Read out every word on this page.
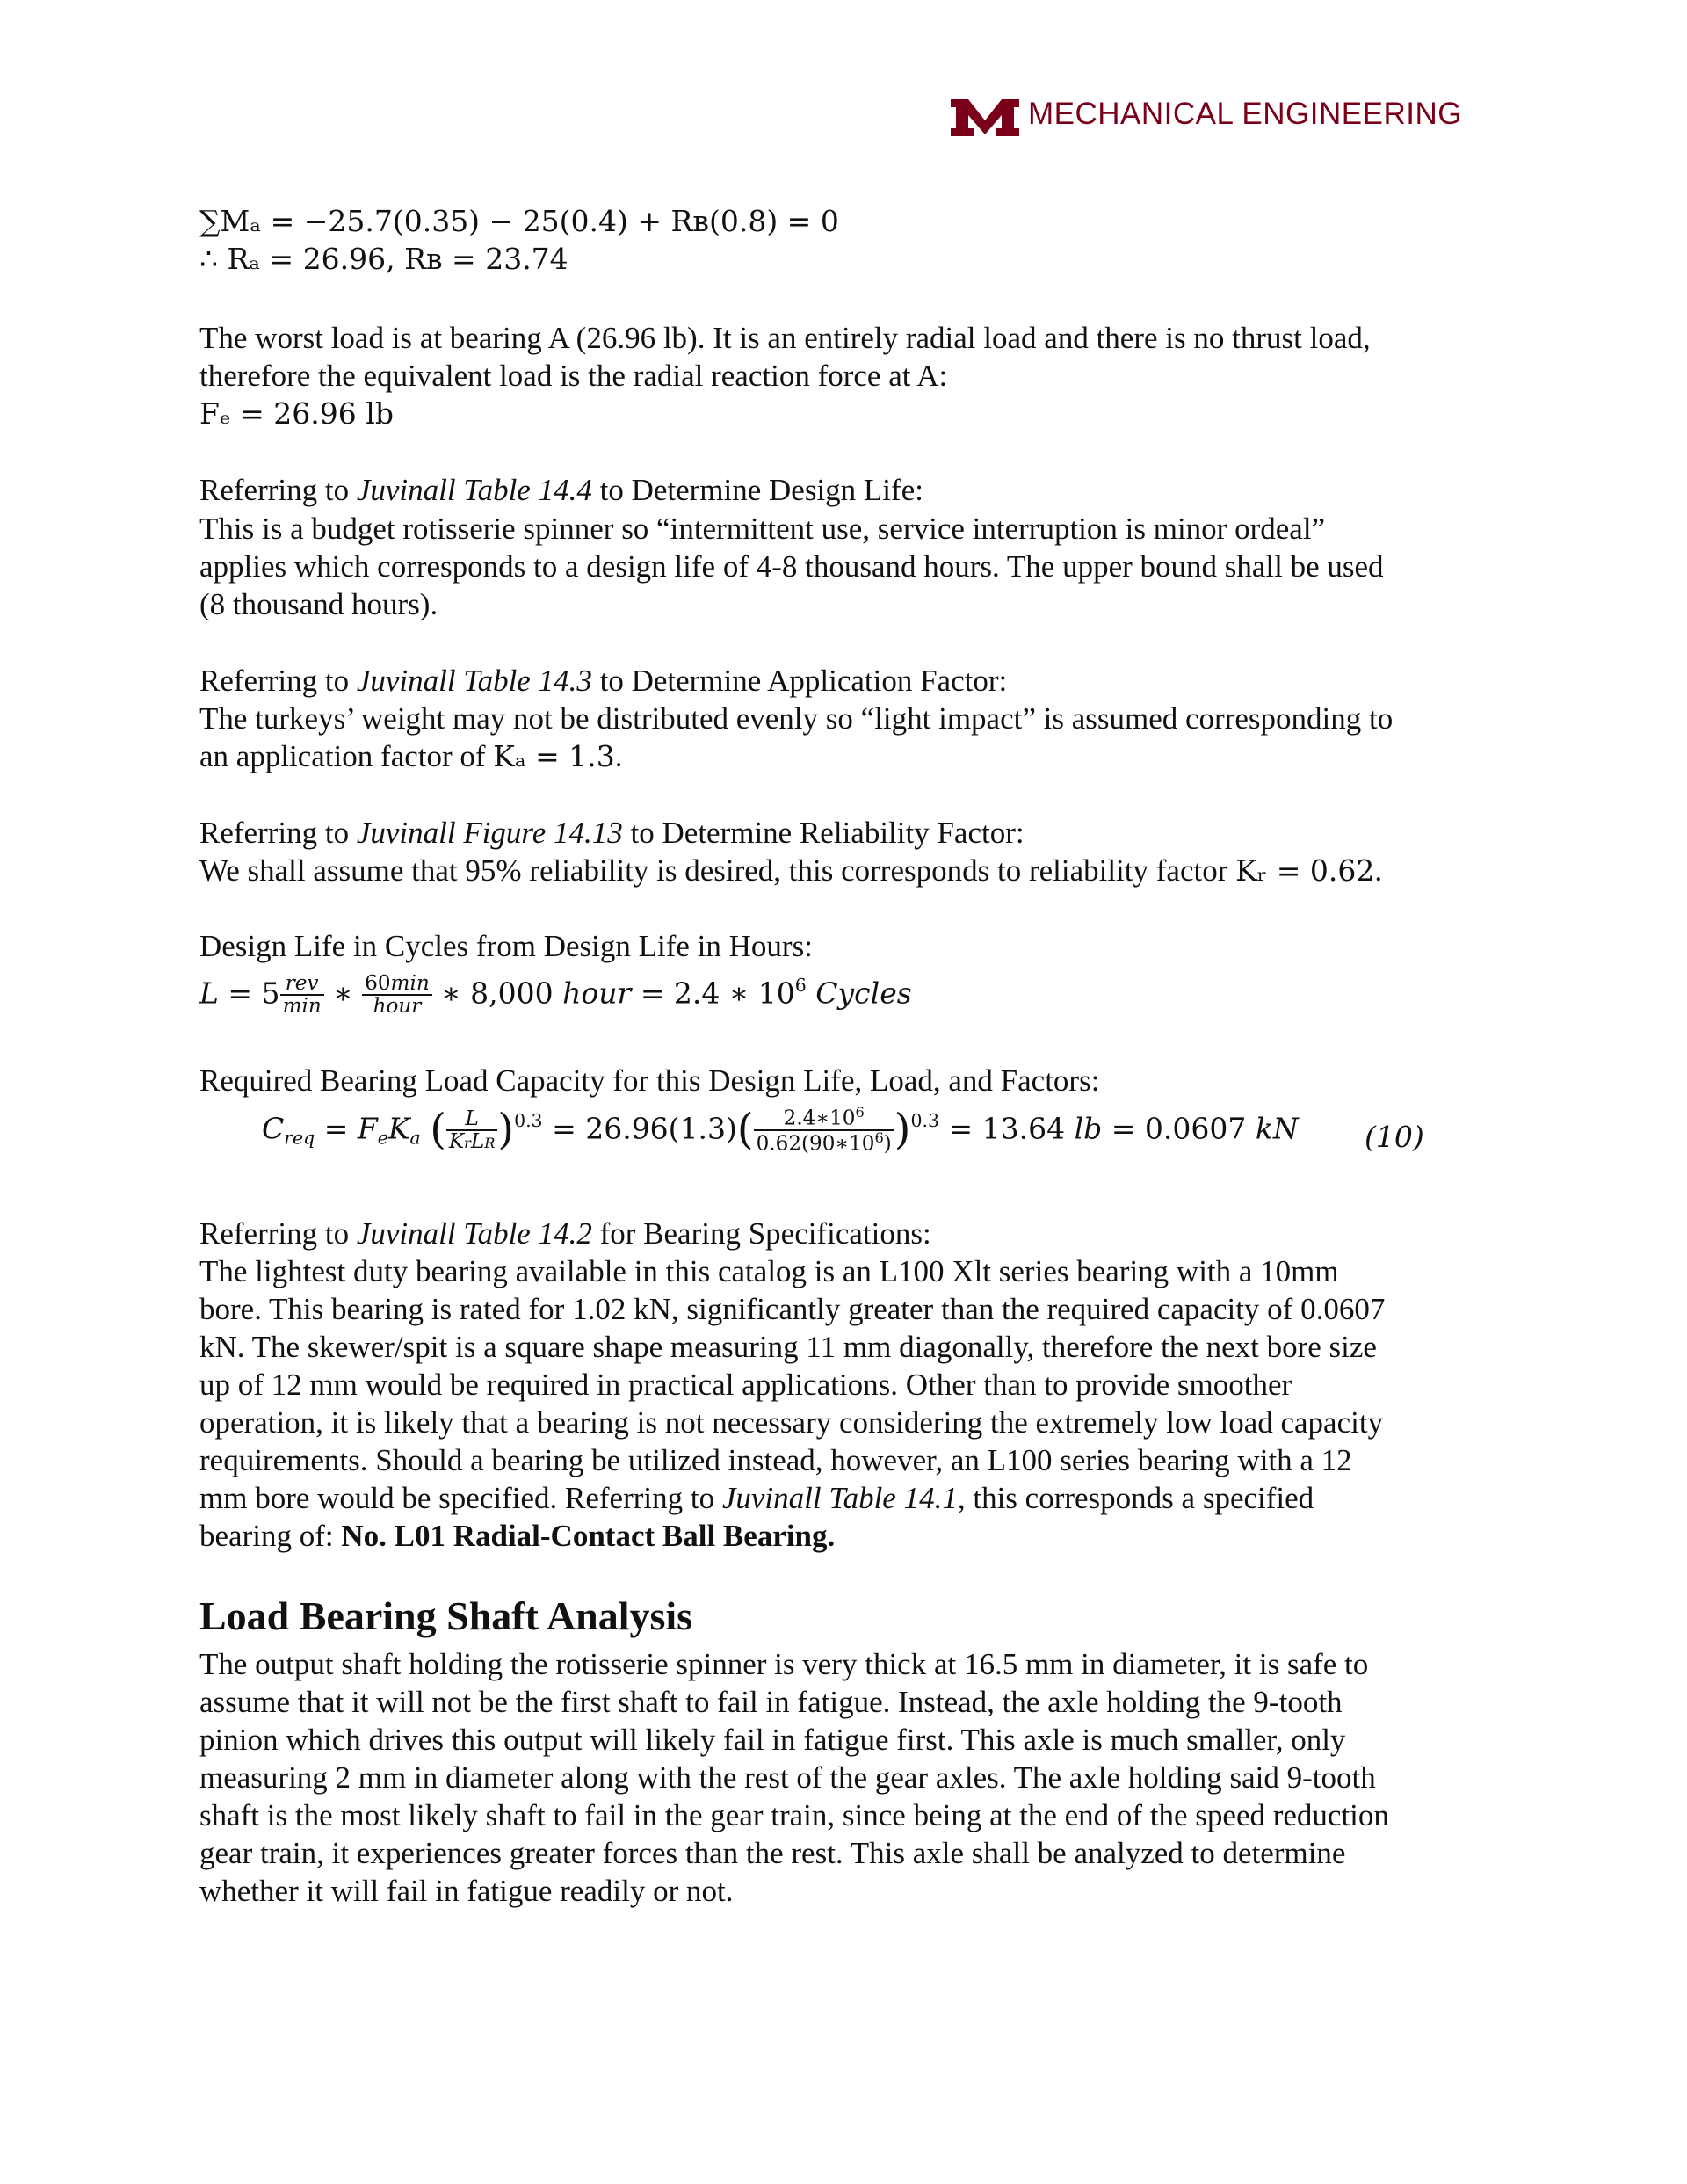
MECHANICAL ENGINEERING
∑Mₐ = −25.7(0.35) − 25(0.4) + Rʙ(0.8) = 0
∴ Rₐ = 26.96, Rʙ = 23.74
The worst load is at bearing A (26.96 lb). It is an entirely radial load and there is no thrust load,
therefore the equivalent load is the radial reaction force at A:
Fₑ = 26.96 lb
Referring to Juvinall Table 14.4 to Determine Design Life:
This is a budget rotisserie spinner so “intermittent use, service interruption is minor ordeal”
applies which corresponds to a design life of 4-8 thousand hours. The upper bound shall be used
(8 thousand hours).
Referring to Juvinall Table 14.3 to Determine Application Factor:
The turkeys’ weight may not be distributed evenly so “light impact” is assumed corresponding to
an application factor of Kₐ = 1.3.
Referring to Juvinall Figure 14.13 to Determine Reliability Factor:
We shall assume that 95% reliability is desired, this corresponds to reliability factor Kᵣ = 0.62.
Design Life in Cycles from Design Life in Hours:
$L = 5 \frac{\text{rev}}{\min}$ ∗ $\frac{60\min}{\text{hour}}$ ∗ 8,000 hour = 2.4 ∗ $10^6$ Cycles
Required Bearing Load Capacity for this Design Life, Load, and Factors:
$C_{req} = F_eK_a$ ( $\frac{L}{\text{KrLR}} )^{0.3} = 26.96(1.3)( \frac{2.4∗10^6}{0.62(90∗10^6)} )^{0.3} = 13.64$ lb = 0.0607 kN (10)
Referring to Juvinall Table 14.2 for Bearing Specifications:
The lightest duty bearing available in this catalog is an L100 Xlt series bearing with a 10mm
bore. This bearing is rated for 1.02 kN, significantly greater than the required capacity of 0.0607
kN. The skewer/spit is a square shape measuring 11 mm diagonally, therefore the next bore size
up of 12 mm would be required in practical applications. Other than to provide smoother
operation, it is likely that a bearing is not necessary considering the extremely low load capacity
requirements. Should a bearing be utilized instead, however, an L100 series bearing with a 12
mm bore would be specified. Referring to Juvinall Table 14.1, this corresponds a specified
bearing of: No. L01 Radial-Contact Ball Bearing.
Load Bearing Shaft Analysis
The output shaft holding the rotisserie spinner is very thick at 16.5 mm in diameter, it is safe to
assume that it will not be the first shaft to fail in fatigue. Instead, the axle holding the 9-tooth
pinion which drives this output will likely fail in fatigue first. This axle is much smaller, only
measuring 2 mm in diameter along with the rest of the gear axles. The axle holding said 9-tooth
shaft is the most likely shaft to fail in the gear train, since being at the end of the speed reduction
gear train, it experiences greater forces than the rest. This axle shall be analyzed to determine
whether it will fail in fatigue readily or not.
